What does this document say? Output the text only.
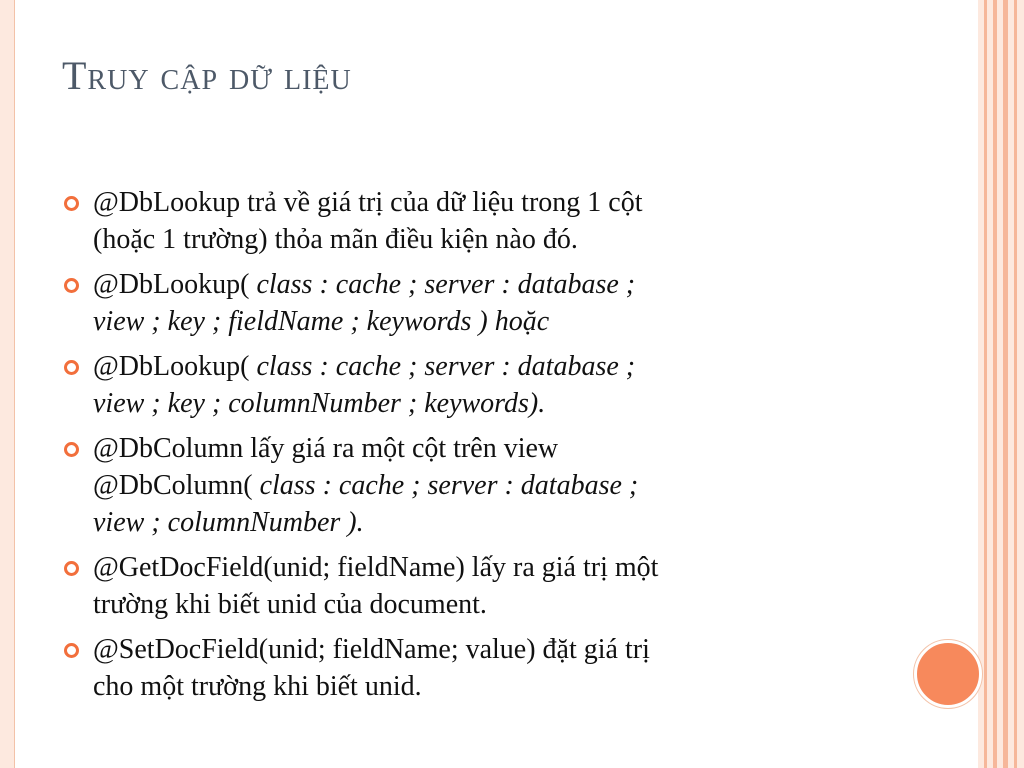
Truy cập dữ liệu
@DbLookup trả về giá trị của dữ liệu trong 1 cột
(hoặc 1 trường) thỏa mãn điều kiện nào đó.
@DbLookup( class : cache ; server : database ;
view ; key ; fieldName ; keywords ) hoặc
@DbLookup( class : cache ; server : database ;
view ; key ; columnNumber ; keywords).
@DbColumn lấy giá ra một cột trên view
@DbColumn( class : cache ; server : database ;
view ; columnNumber ).
@GetDocField(unid; fieldName) lấy ra giá trị một
trường khi biết unid của document.
@SetDocField(unid; fieldName; value) đặt giá trị
cho một trường khi biết unid.
